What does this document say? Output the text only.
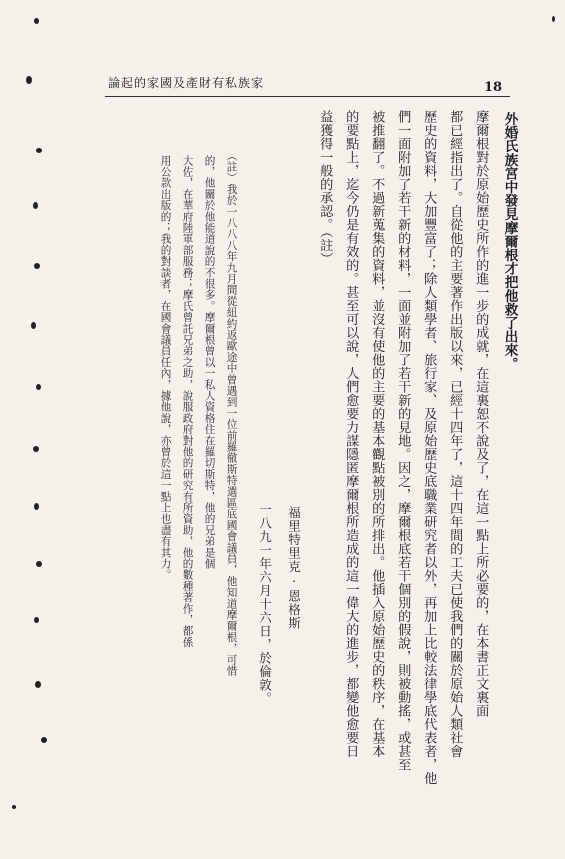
論起的家國及產財有私族家	18
外婚氏族宮中發見摩爾根才把他救了出來。
摩爾根對於原始歷史所作的進一步的成就，在這裏恕不說及了，在這一點上所必要的，在本書正文裏面
都已經指出了。自從他的主要著作出版以來，已經十四年了，這十四年間的工夫已使我們的關於原始人類社會
歷史的資料，大加豐富了；除人類學者、旅行家、及原始歷史底職業研究者以外，再加上比較法律學底代表者，他
們一面附加了若干新的材料，一面並附加了若干新的見地。因之，摩爾根底若干個別的假說，則被動搖，或甚至
被推翻了。不過新蒐集的資料，並沒有使他的主要的基本觀點被別的所排出。他插入原始歷史的秩序，在基本
的要點上，迄今仍是有效的。甚至可以說，人們愈要力謀隱匿摩爾根所造成的這一偉大的進步，都變他愈要日
益獲得一般的承認。（註）
福里特里克·恩格斯
一八九一年六月十六日，於倫敦。
（註）我於一八八八年九月間從紐約返歐途中曾遇到一位前羅徹斯特選區底國會議員，他知道摩爾根，可惜
的，他關於他能道說的不很多。摩爾根曾以一私人資格住在羅切斯特，他的兄弟是個
大佐，在華府陸軍部服務；摩氏曾託兄弟之助，說服政府對他的研究有所資助，他的數種著作，都係
用公款出版的；我的對談者，在國會議員任內，據他說，亦曾於這一點上也盡有其力。
